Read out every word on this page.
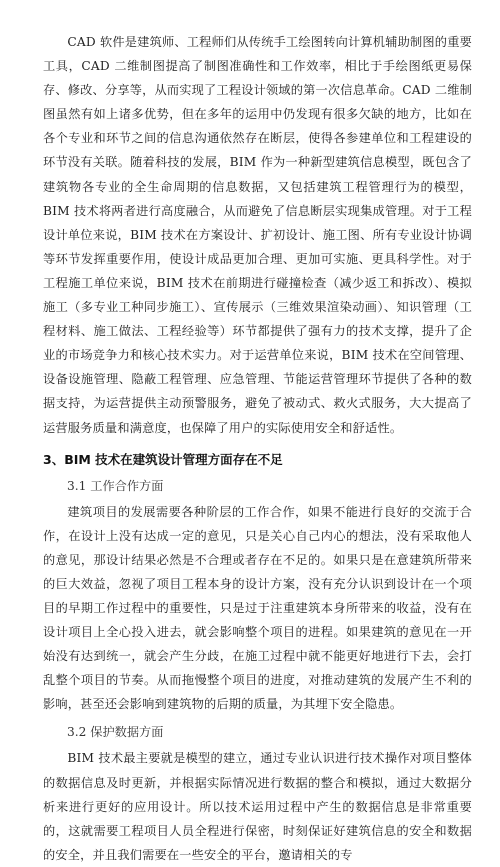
CAD 软件是建筑师、工程师们从传统手工绘图转向计算机辅助制图的重要工具，CAD 二维制图提高了制图准确性和工作效率，相比于手绘图纸更易保存、修改、分享等，从而实现了工程设计领域的第一次信息革命。CAD 二维制图虽然有如上诸多优势，但在多年的运用中仍发现有很多欠缺的地方，比如在各个专业和环节之间的信息沟通依然存在断层，使得各参建单位和工程建设的环节没有关联。随着科技的发展，BIM 作为一种新型建筑信息模型，既包含了建筑物各专业的全生命周期的信息数据，又包括建筑工程管理行为的模型，BIM 技术将两者进行高度融合，从而避免了信息断层实现集成管理。对于工程设计单位来说，BIM 技术在方案设计、扩初设计、施工图、所有专业设计协调等环节发挥重要作用，使设计成品更加合理、更加可实施、更具科学性。对于工程施工单位来说，BIM 技术在前期进行碰撞检查（减少返工和拆改）、模拟施工（多专业工种同步施工）、宣传展示（三维效果渲染动画）、知识管理（工程材料、施工做法、工程经验等）环节都提供了强有力的技术支撑，提升了企业的市场竞争力和核心技术实力。对于运营单位来说，BIM 技术在空间管理、设备设施管理、隐蔽工程管理、应急管理、节能运营管理环节提供了各种的数据支持，为运营提供主动预警服务，避免了被动式、救火式服务，大大提高了运营服务质量和满意度，也保障了用户的实际使用安全和舒适性。

3、BIM 技术在建筑设计管理方面存在不足
3.1 工作合作方面

建筑项目的发展需要各种阶层的工作合作，如果不能进行良好的交流于合作，在设计上没有达成一定的意见，只是关心自己内心的想法，没有采取他人的意见，那设计结果必然是不合理或者存在不足的。如果只是在意建筑所带来的巨大效益，忽视了项目工程本身的设计方案，没有充分认识到设计在一个项目的早期工作过程中的重要性，只是过于注重建筑本身所带来的收益，没有在设计项目上全心投入进去，就会影响整个项目的进程。如果建筑的意见在一开始没有达到统一，就会产生分歧，在施工过程中就不能更好地进行下去，会打乱整个项目的节奏。从而拖慢整个项目的进度，对推动建筑的发展产生不利的影响，甚至还会影响到建筑物的后期的质量，为其埋下安全隐患。

3.2 保护数据方面

BIM 技术最主要就是模型的建立，通过专业认识进行技术操作对项目整体的数据信息及时更新，并根据实际情况进行数据的整合和模拟，通过大数据分析来进行更好的应用设计。所以技术运用过程中产生的数据信息是非常重要的，这就需要工程项目人员全程进行保密，时刻保证好建筑信息的安全和数据的安全，并且我们需要在一些安全的平台，邀请相关的专
